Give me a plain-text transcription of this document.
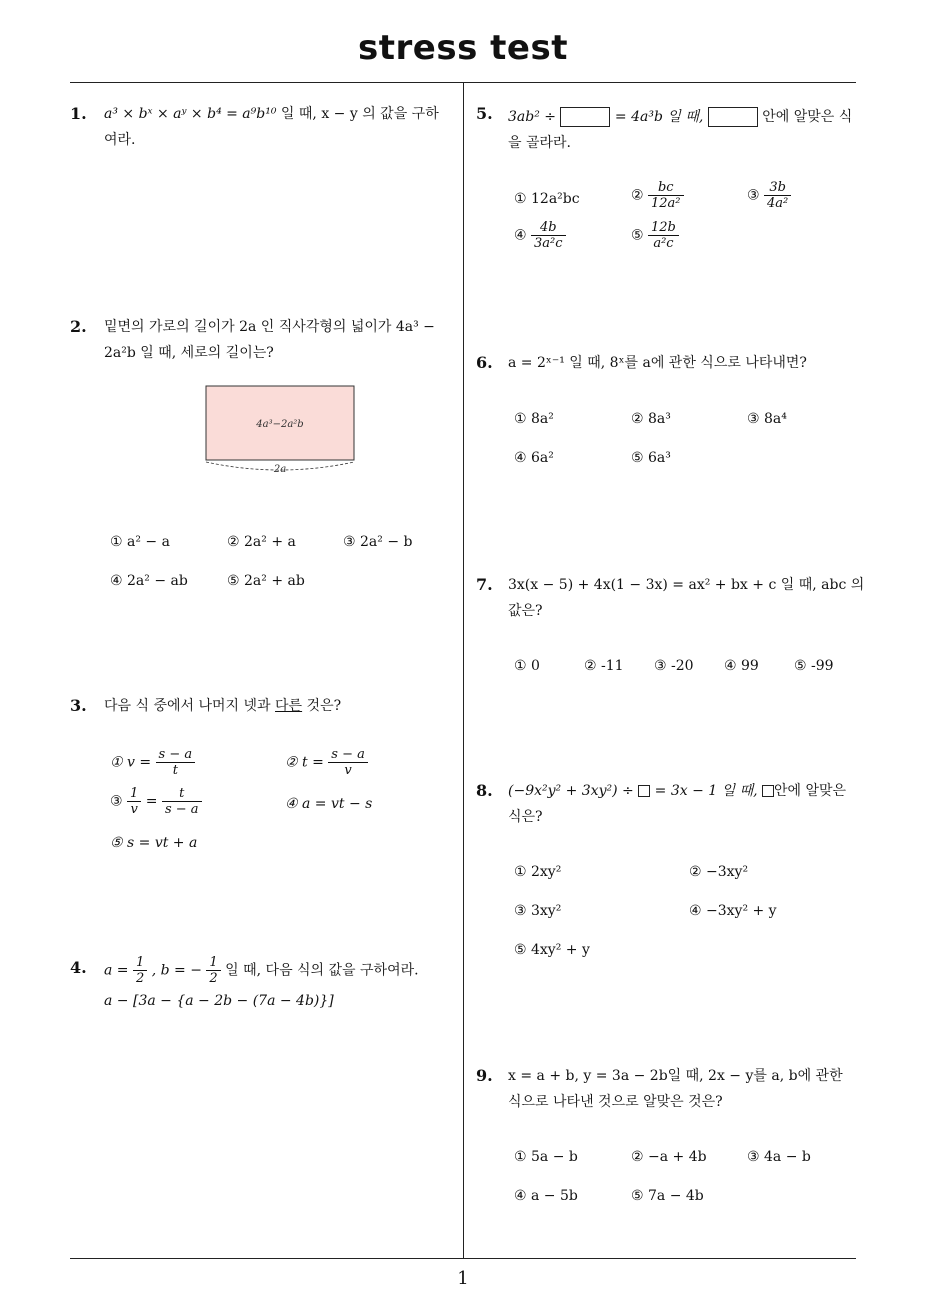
stress test
1
1. a³ × bˣ × aʸ × b⁴ = a⁹b¹⁰ 일 때, x − y 의 값을 구하
여라.
2. 밑면의 가로의 길이가 2a 인 직사각형의 넓이가 4a³ −
2a²b 일 때, 세로의 길이는?
4a³−2a²b
2a
① a² − a	② 2a² + a	③ 2a² − b
④ 2a² − ab	⑤ 2a² + ab
3. 다음 식 중에서 나머지 넷과 다른 것은?
① $v = \frac{s - a}{t}$	② $t = \frac{s - a}{v}$
③ $\frac{1}{v} = \frac{t}{s - a}$	④ a = vt − s
⑤ s = vt + a
4. $a = \frac{1}{2}$ , b = − $\frac{1}{2}$ 일 때, 다음 식의 값을 구하여라.
a − [3a − {a − 2b − (7a − 4b)}]
5. 3ab² ÷	= 4a³b 일 때,	안에 알맞은 식
을 골라라.
① 12a²bc	② $\frac{bc}{\text{12a²}}$	③ $\frac{3b}{\text{4a²}}$
④ $\frac{4b}{\text{3a²c}}$	⑤ $\frac{12b}{\text{a²c}}$
6. a = 2ˣ⁻¹ 일 때, 8ˣ를 a에 관한 식으로 나타내면?
① 8a²	② 8a³	③ 8a⁴
④ 6a²	⑤ 6a³
7. 3x(x − 5) + 4x(1 − 3x) = ax² + bx + c 일 때, abc 의
값은?
① 0	② -11 ③ -20 ④ 99	⑤ -99
8. (−9x²y² + 3xy²) ÷ = 3x − 1 일 때, 안에 알맞은
식은?
① 2xy²	② −3xy²
③ 3xy²	④ −3xy² + y
⑤ 4xy² + y
9. x = a + b, y = 3a − 2b일 때, 2x − y를 a, b에 관한
식으로 나타낸 것으로 알맞은 것은?
① 5a − b	② −a + 4b	③ 4a − b
④ a − 5b	⑤ 7a − 4b
